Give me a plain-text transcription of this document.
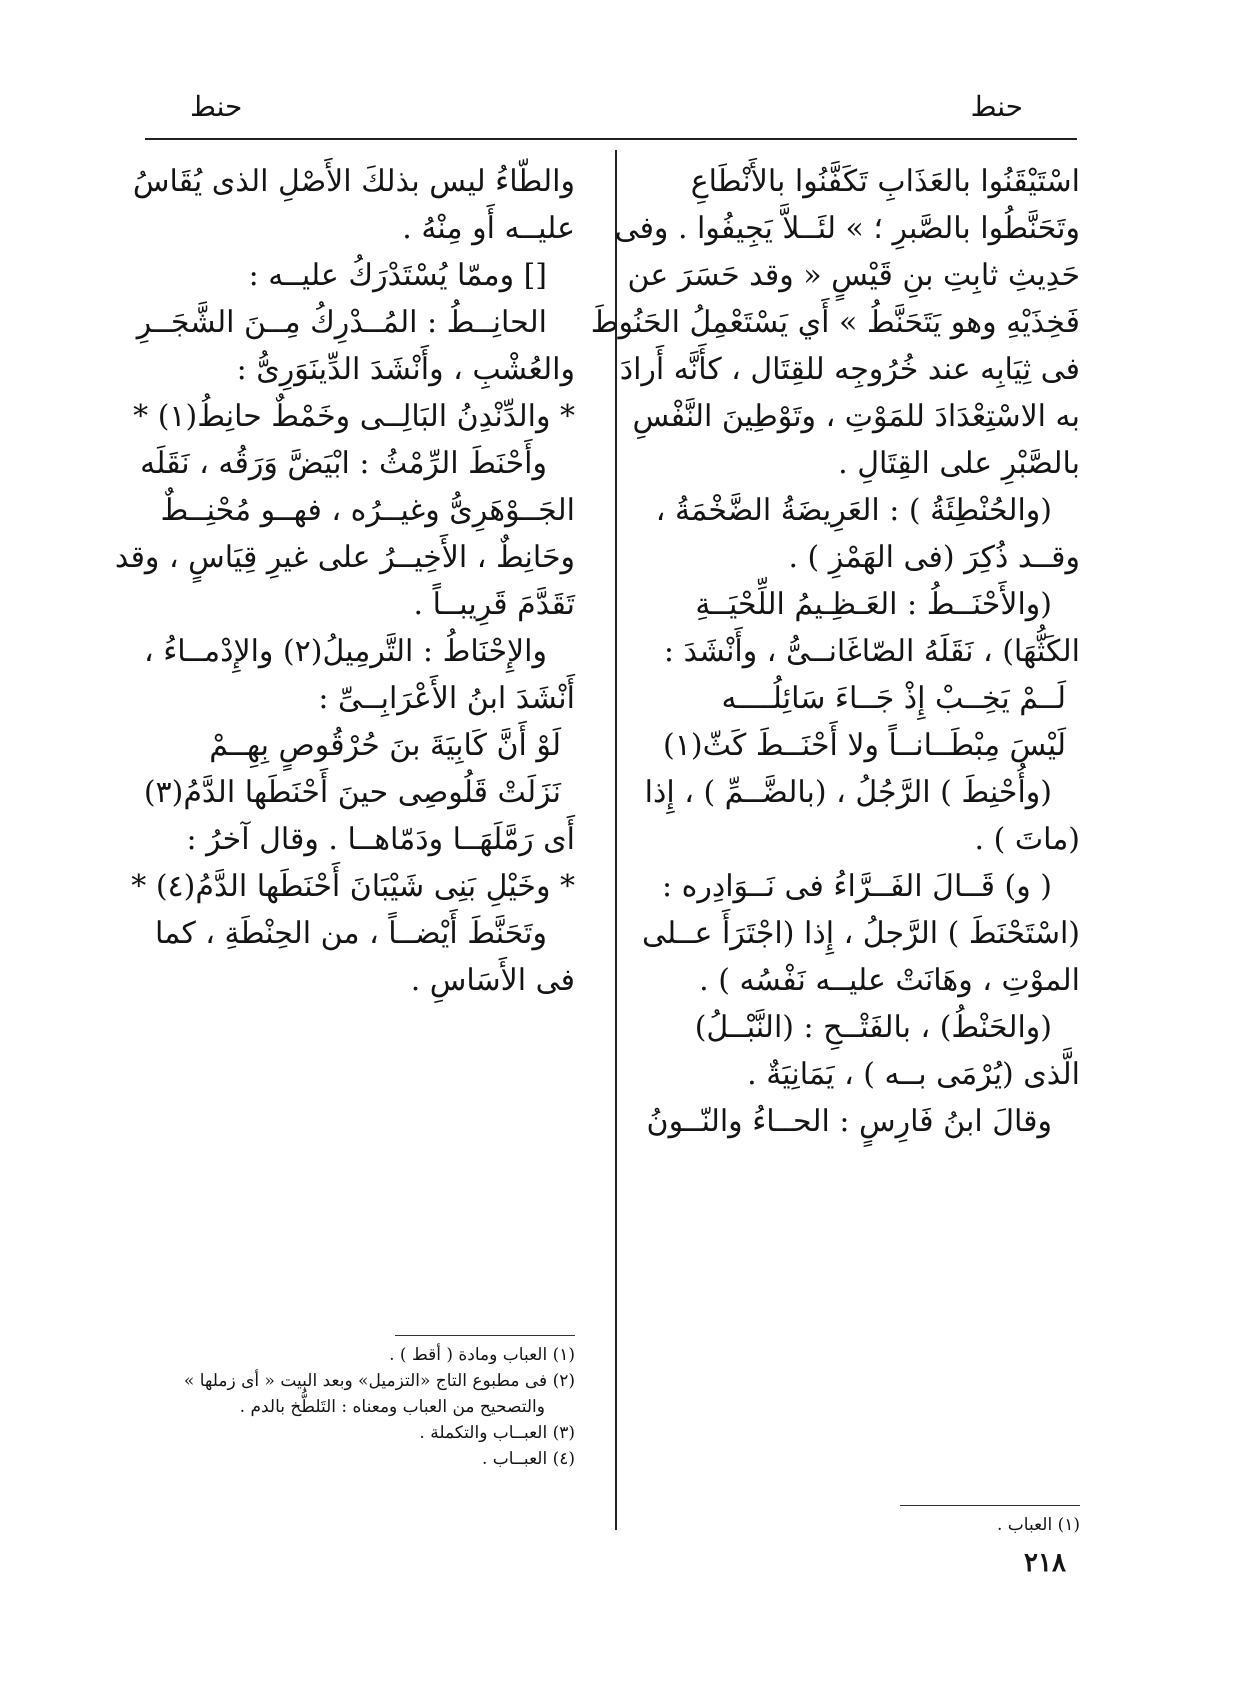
حنط
حنط
اسْتَيْقَنُوا بالعَذَابِ تَكَفَّنُوا بالأَنْطَاعِ
وتَحَنَّطُوا بالصَّبرِ ؛ » لئَــلاَّ يَجِيفُوا . وفى
حَدِيثِ ثابِتِ بنِ قَيْسٍ « وقد حَسَرَ عن
فَخِذَيْهِ وهو يَتَحَنَّطُ » أَي يَسْتَعْمِلُ الحَنُوطَ
فى ثِيَابِه عند خُرُوجِه للقِتَال ، كأَنَّه أَرادَ
به الاسْتِعْدَادَ للمَوْتِ ، وتَوْطِينَ النَّفْسِ
بالصَّبْرِ على القِتَالِ .
(والحُنْطِئَةُ ) : العَرِيضَةُ الضَّخْمَةُ ،
وقــد ذُكِرَ (فى الهَمْزِ ) .
(والأَحْنَــطُ : العَـظِـيمُ اللِّحْيَــةِ
الكَثُّهَا) ، نَقَلَهُ الصّاغَانــىُّ ، وأَنْشَدَ :
لَــمْ يَخِــبْ إِذْ جَــاءَ سَائِلُــــه
لَيْسَ مِبْطَــانــاً ولا أَحْنَــطَ كَثّ(١)
(وأُحْنِطَ ) الرَّجُلُ ، (بالضَّــمِّ ) ، إِذا
(ماتَ ) .
( و) قَــالَ الفَــرَّاءُ فى نَــوَادِره :
(اسْتَحْنَطَ ) الرَّجلُ ، إِذا (اجْتَرَأَ عــلى
الموْتِ ، وهَانَتْ عليــه نَفْسُه ) .
(والحَنْطُ) ، بالفَتْــحِ : (النَّبْــلُ)
الَّذى (يُرْمَى بــه ) ، يَمَانِيَةٌ .
وقالَ ابنُ فَارِسٍ : الحــاءُ والنّــونُ
(١) العباب .
والطّاءُ ليس بذلكَ الأَصْلِ الذى يُقَاسُ
عليــه أَو مِنْهُ .
[] وممّا يُسْتَدْرَكُ عليــه :
الحانِــطُ : المُــدْرِكُ مِــنَ الشَّجَــرِ
والعُشْبِ ، وأَنْشَدَ الدِّينَوَرِىُّ :
* والدِّنْدِنُ البَالِــى وخَمْطٌ حانِطُ(١) *
وأَحْنَطَ الرِّمْثُ : ابْيَضَّ وَرَقُه ، نَقَلَه
الجَــوْهَرِىُّ وغيــرُه ، فهــو مُحْنِــطٌ
وحَانِطٌ ، الأَخِيــرُ على غيرِ قِيَاسٍ ، وقد
تَقَدَّمَ قَرِيبــاً .
والإِحْنَاطُ : التَّرمِيلُ(٢) والإِدْمــاءُ ،
أَنْشَدَ ابنُ الأَعْرَابِــىِّ :
لَوْ أَنَّ كَابِيَةَ بنَ حُرْقُوصٍ بِهِــمْ
نَزَلَتْ قَلُوصِى حينَ أَحْنَطَها الدَّمُ(٣)
أَى رَمَّلَهَــا ودَمّاهــا . وقال آخرُ :
* وخَيْلِ بَنِى شَيْبَانَ أَحْنَطَها الدَّمُ(٤) *
وتَحَنَّطَ أَيْضــاً ، من الحِنْطَةِ ، كما
فى الأَسَاسِ .
(١) العباب ومادة ( أقط ) .
(٢) فى مطبوع التاج «التزميل» وبعد البيت « أى زملها »
والتصحيح من العباب ومعناه : التَلطُّخ بالدم .
(٣) العبــاب والتكملة .
(٤) العبــاب .
٢١٨
